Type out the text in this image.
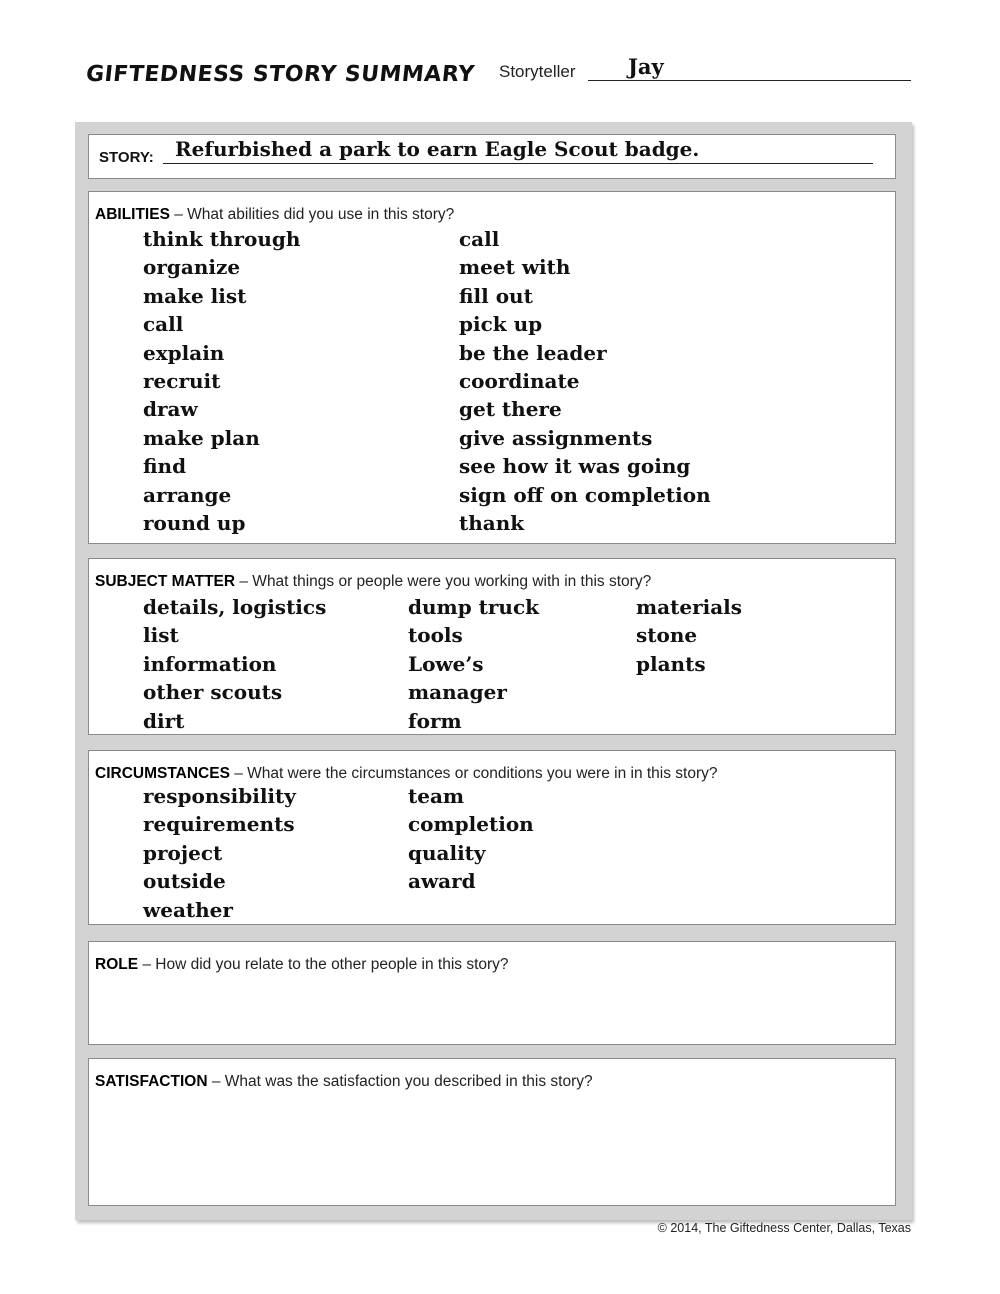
GIFTEDNESS STORY SUMMARY Storyteller Jay
STORY: Refurbished a park to earn Eagle Scout badge.
ABILITIES – What abilities did you use in this story?
think through
organize
make list
call
explain
recruit
draw
make plan
find
arrange
round up
call
meet with
fill out
pick up
be the leader
coordinate
get there
give assignments
see how it was going
sign off on completion
thank
SUBJECT MATTER – What things or people were you working with in this story?
details, logistics
list
information
other scouts
dirt
dump truck
tools
Lowe’s
manager
form
materials
stone
plants
CIRCUMSTANCES – What were the circumstances or conditions you were in in this story?
responsibility
requirements
project
outside
weather
team
completion
quality
award
ROLE – How did you relate to the other people in this story?
SATISFACTION – What was the satisfaction you described in this story?
© 2014, The Giftedness Center, Dallas, Texas
